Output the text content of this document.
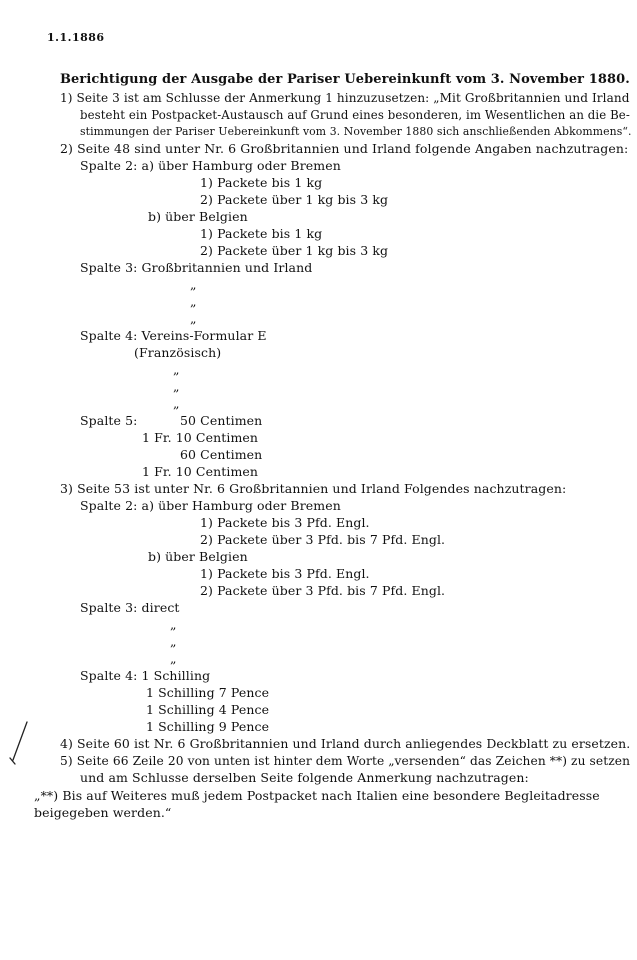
1.1.1886
Berichtigung der Ausgabe der Pariser Uebereinkunft vom 3. November 1880.
1) Seite 3 ist am Schlusse der Anmerkung 1 hinzuzusetzen: „Mit Großbritannien und Irland
besteht ein Postpacket-Austausch auf Grund eines besonderen, im Wesentlichen an die Be-
stimmungen der Pariser Uebereinkunft vom 3. November 1880 sich anschließenden Abkommens“.
2) Seite 48 sind unter Nr. 6 Großbritannien und Irland folgende Angaben nachzutragen:
Spalte 2: a) über Hamburg oder Bremen
1) Packete bis 1 kg
2) Packete über 1 kg bis 3 kg
b) über Belgien
1) Packete bis 1 kg
2) Packete über 1 kg bis 3 kg
Spalte 3: Großbritannien und Irland
„
„
„
Spalte 4: Vereins-Formular E
(Französisch)
„
„
„
Spalte 5:	50 Centimen
1 Fr. 10 Centimen
60 Centimen
1 Fr. 10 Centimen
3) Seite 53 ist unter Nr. 6 Großbritannien und Irland Folgendes nachzutragen:
Spalte 2: a) über Hamburg oder Bremen
1) Packete bis 3 Pfd. Engl.
2) Packete über 3 Pfd. bis 7 Pfd. Engl.
b) über Belgien
1) Packete bis 3 Pfd. Engl.
2) Packete über 3 Pfd. bis 7 Pfd. Engl.
Spalte 3: direct
„
„
„
Spalte 4: 1 Schilling
1 Schilling 7 Pence
1 Schilling 4 Pence
1 Schilling 9 Pence
4) Seite 60 ist Nr. 6 Großbritannien und Irland durch anliegendes Deckblatt zu ersetzen.
5) Seite 66 Zeile 20 von unten ist hinter dem Worte „versenden“ das Zeichen **) zu setzen
und am Schlusse derselben Seite folgende Anmerkung nachzutragen:
„**) Bis auf Weiteres muß jedem Postpacket nach Italien eine besondere Begleitadresse
beigegeben werden.“
